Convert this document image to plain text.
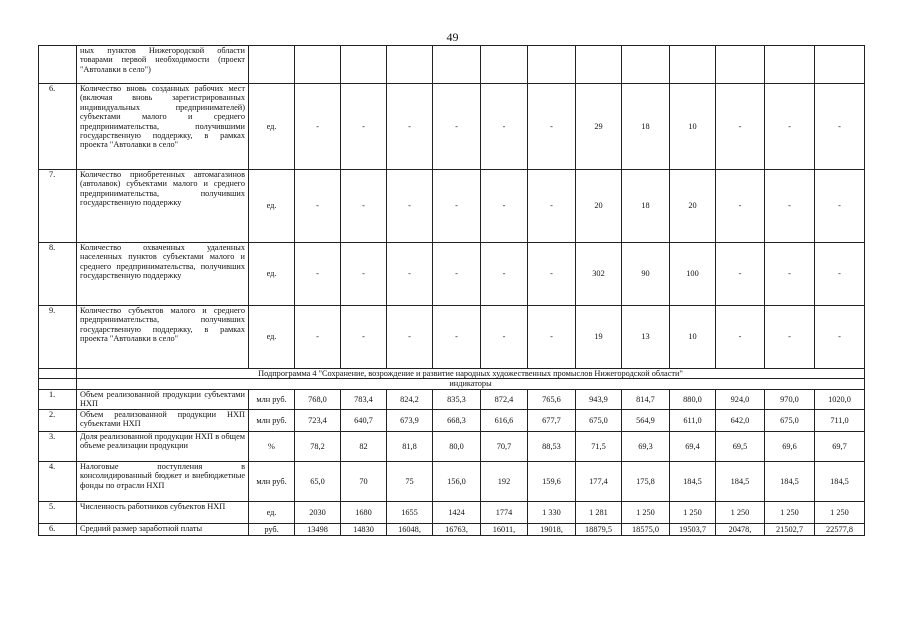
49
	ных пунктов Нижегородской области товарами первой необходимости (проект "Автолавки в село")													
6.	Количество вновь созданных рабочих мест (включая вновь зарегистрированных индивидуальных предпринимателей) субъектами малого и среднего предпринимательства, получившими государственную поддержку, в рамках проекта "Автолавки в село"	ед.	-	-	-	-	-	-	29	18	10	-	-	-
7.	Количество приобретенных автомагазинов (автолавок) субъектами малого и среднего предпринимательства, получивших государственную поддержку	ед.	-	-	-	-	-	-	20	18	20	-	-	-
8.	Количество охваченных удаленных населенных пунктов субъектами малого и среднего предпринимательства, получивших государственную поддержку	ед.	-	-	-	-	-	-	302	90	100	-	-	-
9.	Количество субъектов малого и среднего предпринимательства, получивших государственную поддержку, в рамках проекта "Автолавки в село"	ед.	-	-	-	-	-	-	19	13	10	-	-	-
	Подпрограмма 4 "Сохранение, возрождение и развитие народных художественных промыслов Нижегородской области"													
	индикаторы													
1.	Объем реализованной продукции субъектами НХП	млн руб.	768,0	783,4	824,2	835,3	872,4	765,6	943,9	814,7	880,0	924,0	970,0	1020,0
2.	Объем реализованной продукции НХП субъектами НХП	млн руб.	723,4	640,7	673,9	668,3	616,6	677,7	675,0	564,9	611,0	642,0	675,0	711,0
3.	Доля реализованной продукции НХП в общем объеме реализации продукции	%	78,2	82	81,8	80,0	70,7	88,53	71,5	69,3	69,4	69,5	69,6	69,7
4.	Налоговые поступления в консолидированный бюджет и внебюджетные фонды по отрасли НХП	млн руб.	65,0	70	75	156,0	192	159,6	177,4	175,8	184,5	184,5	184,5	184,5
5.	Численность работников субъектов НХП	ед.	2030	1680	1655	1424	1774	1 330	1 281	1 250	1 250	1 250	1 250	1 250
6.	Средний размер заработной платы	руб.	13498	14830	16048,	16763,	16011,	19018,	18879,5	18575,0	19503,7	20478,	21502,7	22577,8
